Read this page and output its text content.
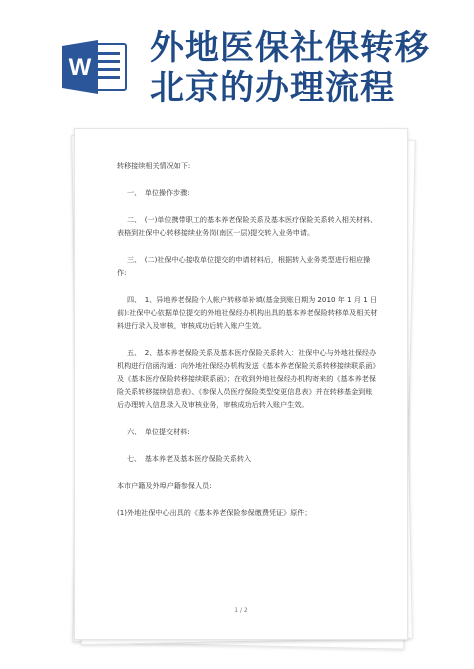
W 外地医保社保转移
北京的办理流程

转移接续相关情况如下:

一、　单位操作步骤:

二、　(一)单位携带职工的基本养老保险关系及基本医疗保险关系转入相关材料、表格到社保中心转移接续业务岗(南区一层)提交转入业务申请。

三、　(二)社保中心接收单位提交的申请材料后，根据转入业务类型进行相应操作:

四、　1、异地养老保险个人帐户转移单补填(基金到账日期为 2010 年 1 月 1 日前):社保中心依据单位提交的外地社保经办机构出具的基本养老保险转移单及相关材料进行录入及审核，审核成功后转入账户生效。

五、　2、基本养老保险关系及基本医疗保险关系转入：社保中心与外地社保经办机构进行信函沟通：向外地社保经办机构发送《基本养老保险关系转移接续联系函》及《基本医疗保险转移接续联系函》；在收到外地社保经办机构寄来的《基本养老保险关系转移接续信息表》、《参保人员医疗保险类型变更信息表》并在转移基金到账后办理转入信息录入及审核业务，审核成功后转入账户生效。

六、　单位提交材料:

七、　基本养老及基本医疗保险关系转入

本市户籍及外埠户籍参保人员:

(1)外地社保中心出具的《基本养老保险参保缴费凭证》原件；

1 / 2
